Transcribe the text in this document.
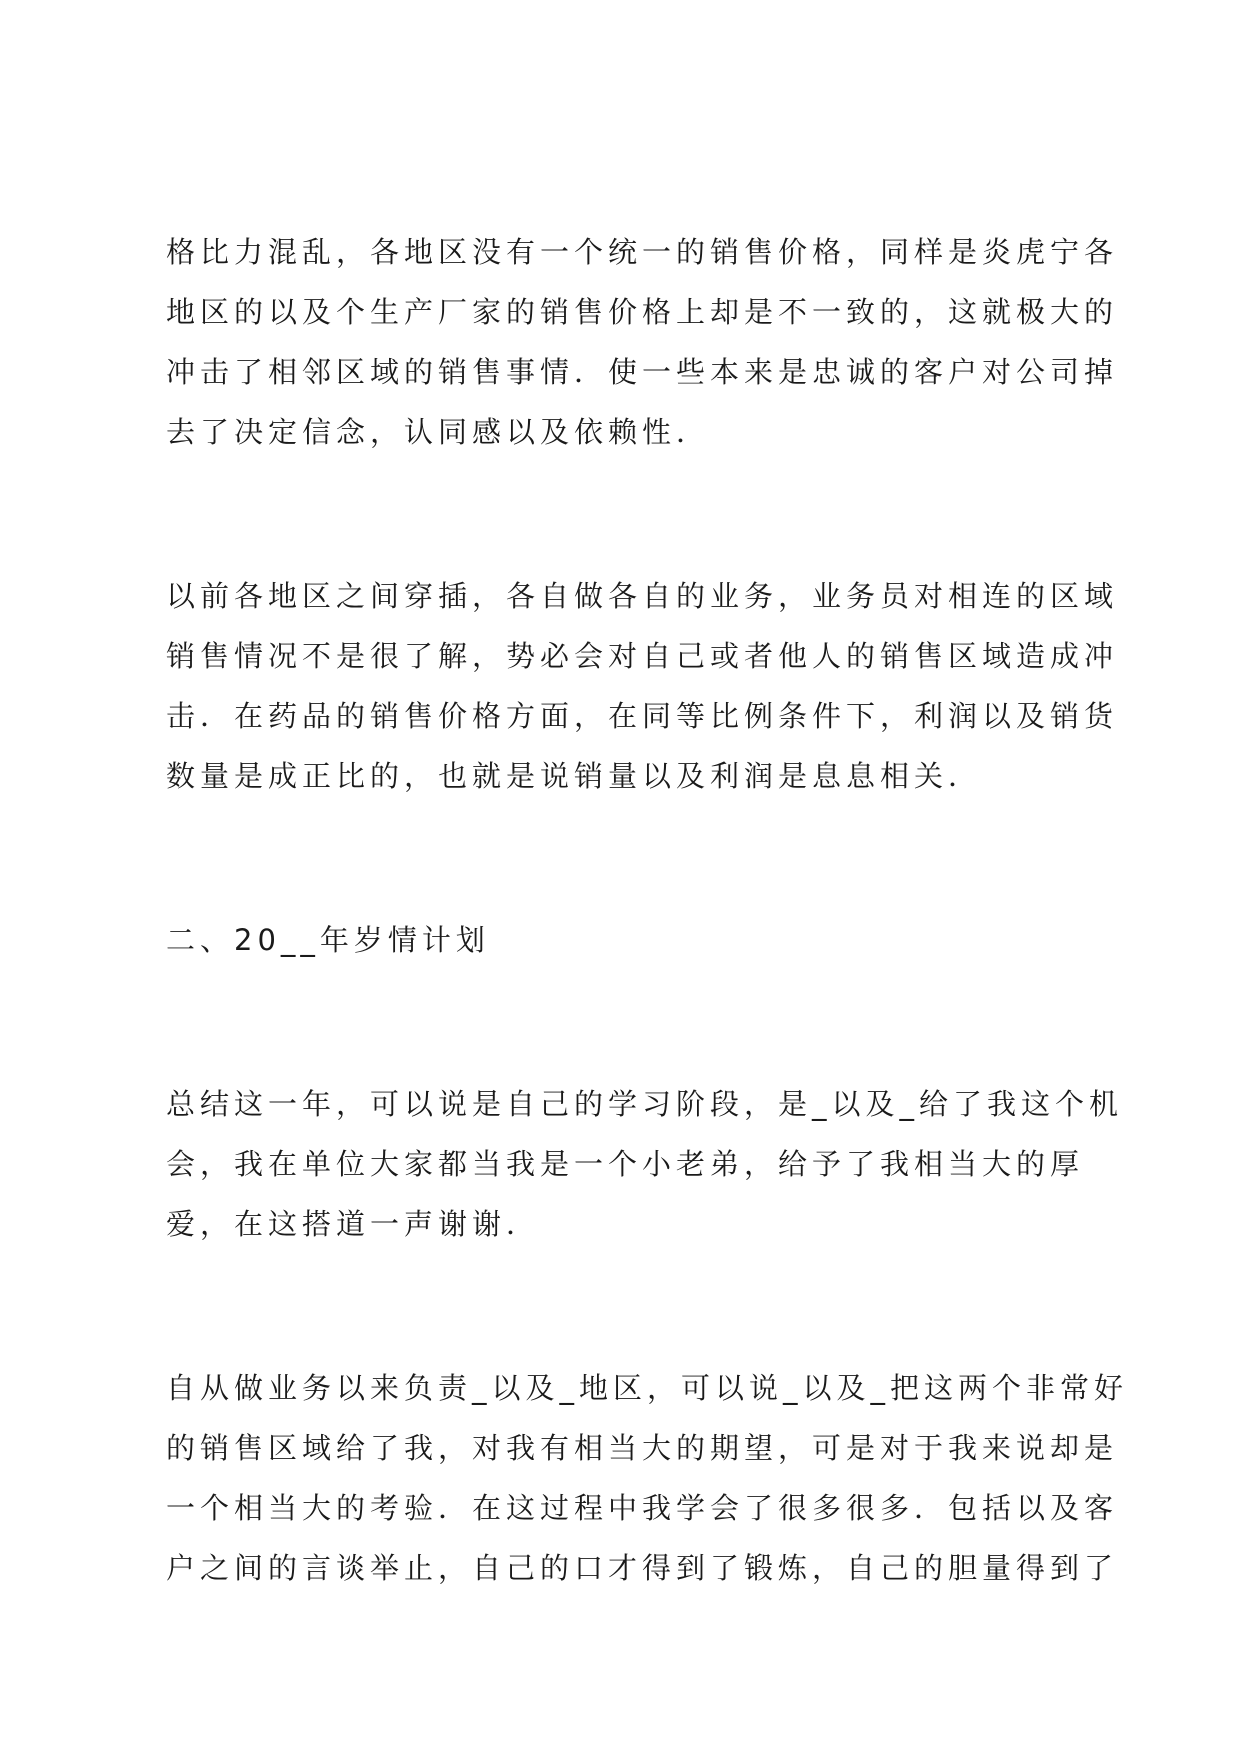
格比力混乱，各地区没有一个统一的销售价格，同样是炎虎宁各
地区的以及个生产厂家的销售价格上却是不一致的，这就极大的
冲击了相邻区域的销售事情．使一些本来是忠诚的客户对公司掉
去了决定信念，认同感以及依赖性．
以前各地区之间穿插，各自做各自的业务，业务员对相连的区域
销售情况不是很了解，势必会对自己或者他人的销售区域造成冲
击．在药品的销售价格方面，在同等比例条件下，利润以及销货
数量是成正比的，也就是说销量以及利润是息息相关．
二、20__年岁情计划
总结这一年，可以说是自己的学习阶段，是_以及_给了我这个机
会，我在单位大家都当我是一个小老弟，给予了我相当大的厚
爱，在这搭道一声谢谢．
自从做业务以来负责_以及_地区，可以说_以及_把这两个非常好
的销售区域给了我，对我有相当大的期望，可是对于我来说却是
一个相当大的考验．在这过程中我学会了很多很多．包括以及客
户之间的言谈举止，自己的口才得到了锻炼，自己的胆量得到了
